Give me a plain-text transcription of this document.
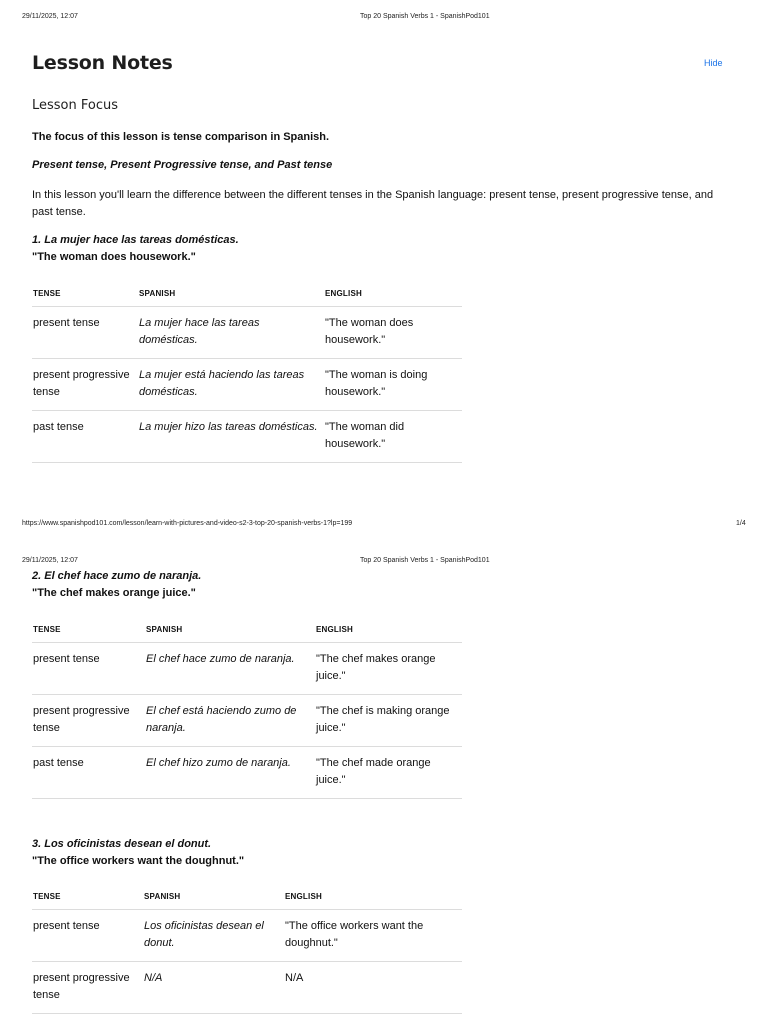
29/11/2025, 12:07	Top 20 Spanish Verbs 1 - SpanishPod101
Lesson Notes	Hide
Lesson Focus
The focus of this lesson is tense comparison in Spanish.
Present tense, Present Progressive tense, and Past tense
In this lesson you'll learn the difference between the different tenses in the Spanish language: present tense, present progressive tense, and past tense.
1. La mujer hace las tareas domésticas.
"The woman does housework."
TENSE	SPANISH	ENGLISH
present tense	La mujer hace las tareas domésticas.	"The woman does housework."
present progressive tense	La mujer está haciendo las tareas domésticas.	"The woman is doing housework."
past tense	La mujer hizo las tareas domésticas.	"The woman did housework."
https://www.spanishpod101.com/lesson/learn-with-pictures-and-video-s2-3-top-20-spanish-verbs-1?lp=199	1/4
29/11/2025, 12:07	Top 20 Spanish Verbs 1 - SpanishPod101
2. El chef hace zumo de naranja.
"The chef makes orange juice."
TENSE	SPANISH	ENGLISH
present tense	El chef hace zumo de naranja.	"The chef makes orange juice."
present progressive tense	El chef está haciendo zumo de naranja.	"The chef is making orange juice."
past tense	El chef hizo zumo de naranja.	"The chef made orange juice."
3. Los oficinistas desean el donut.
"The office workers want the doughnut."
TENSE	SPANISH	ENGLISH
present tense	Los oficinistas desean el donut.	"The office workers want the doughnut."
present progressive tense	N/A	N/A
